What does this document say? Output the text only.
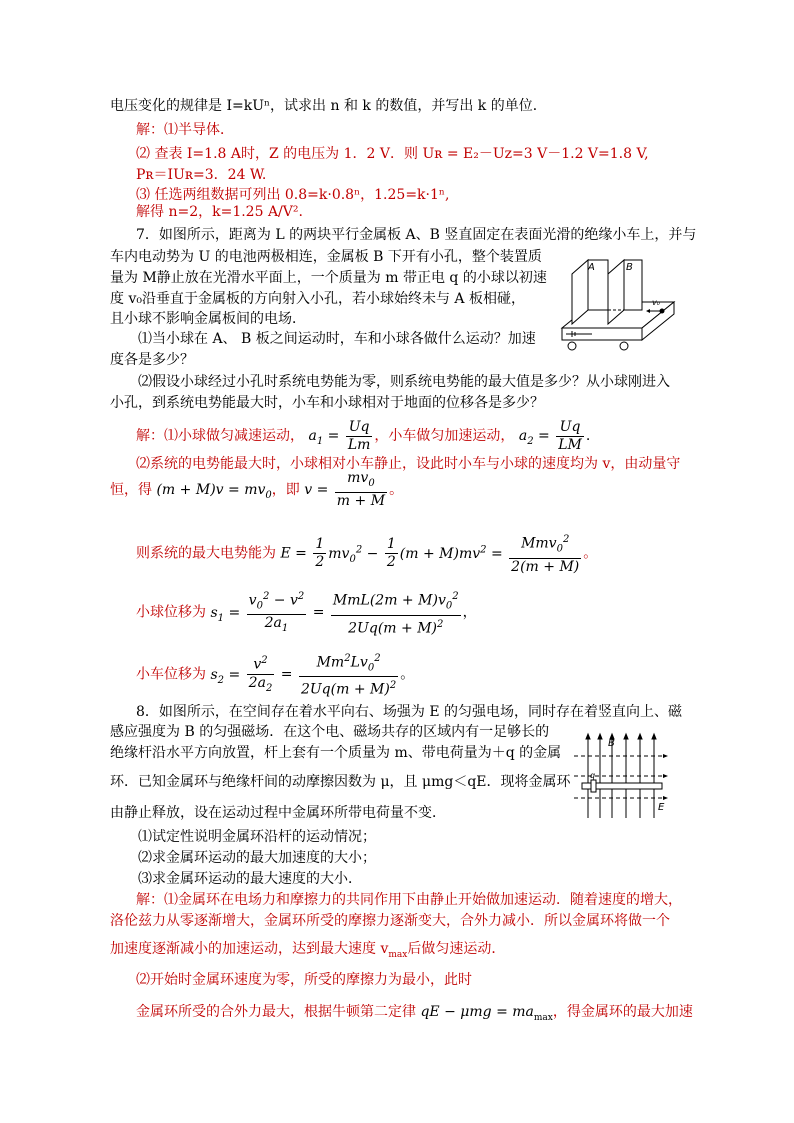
电压变化的规律是 I=kUⁿ，试求出 n 和 k 的数值，并写出 k 的单位．
解：⑴半导体．
⑵ 查表 I=1.8 A时，Z 的电压为 1．2 V．则 Uʀ = E₂－Uᴢ=3 V－1.2 V=1.8 V,
Pʀ＝IUʀ=3．24 W.
⑶ 任选两组数据可列出 0.8=k·0.8ⁿ，1.25=k·1ⁿ,
解得 n=2，k=1.25 A/V².
7．如图所示，距离为 L 的两块平行金属板 A、B 竖直固定在表面光滑的绝缘小车上，并与
车内电动势为 U 的电池两极相连，金属板 B 下开有小孔，整个装置质
量为 M静止放在光滑水平面上，一个质量为 m 带正电 q 的小球以初速
度 v₀沿垂直于金属板的方向射入小孔，若小球始终未与 A 板相碰，
且小球不影响金属板间的电场．
⑴当小球在 A、 B 板之间运动时，车和小球各做什么运动？加速
度各是多少？
⑵假设小球经过小孔时系统电势能为零，则系统电势能的最大值是多少？从小球刚进入
小孔，到系统电势能最大时，小车和小球相对于地面的位移各是多少？
A	B
v₀
解：⑴小球做匀减速运动， $a_1 = \frac{Uq}{Lm}$ ，小车做匀加速运动， $a_2 = \frac{Uq}{LM}$ .
⑵系统的电势能最大时，小球相对小车静止，设此时小车与小球的速度均为 v，由动量守
恒，得 $(m + M)v = mv_0$，即 $v = \frac{mv_0}{m + M}$ 。
则系统的最大电势能为 $E = \frac{1}{2} mv_0^2 - \frac{1}{2} (m + M)mv^2 = \frac{Mmv_0^2}{2(m + M)}$ 。
小球位移为 $s_1 = \frac{v_0^2 - v^2}{2a_1} = \frac{MmL(2m + M)v_0^2}{2Uq(m + M)^2}$ ，
小车位移为 $s_2 = \frac{v^2}{2a_2} = \frac{Mm^2Lv_0^2}{2Uq(m + M)^2}$ 。
8．如图所示，在空间存在着水平向右、场强为 E 的匀强电场，同时存在着竖直向上、磁
感应强度为 B 的匀强磁场．在这个电、磁场共存的区域内有一足够长的
绝缘杆沿水平方向放置，杆上套有一个质量为 m、带电荷量为＋q 的金属
环．已知金属环与绝缘杆间的动摩擦因数为 μ，且 μmg＜qE．现将金属环
由静止释放，设在运动过程中金属环所带电荷量不变．
⑴试定性说明金属环沿杆的运动情况；
⑵求金属环运动的最大加速度的大小；
⑶求金属环运动的最大速度的大小．
B
E
q
解：⑴金属环在电场力和摩擦力的共同作用下由静止开始做加速运动．随着速度的增大，
洛伦兹力从零逐渐增大，金属环所受的摩擦力逐渐变大，合外力减小．所以金属环将做一个
加速度逐渐减小的加速运动，达到最大速度 $v_{max}$后做匀速运动．
⑵开始时金属环速度为零，所受的摩擦力为最小，此时
金属环所受的合外力最大，根据牛顿第二定律 qE − $\mu mg = ma_{max}$，得金属环的最大加速
